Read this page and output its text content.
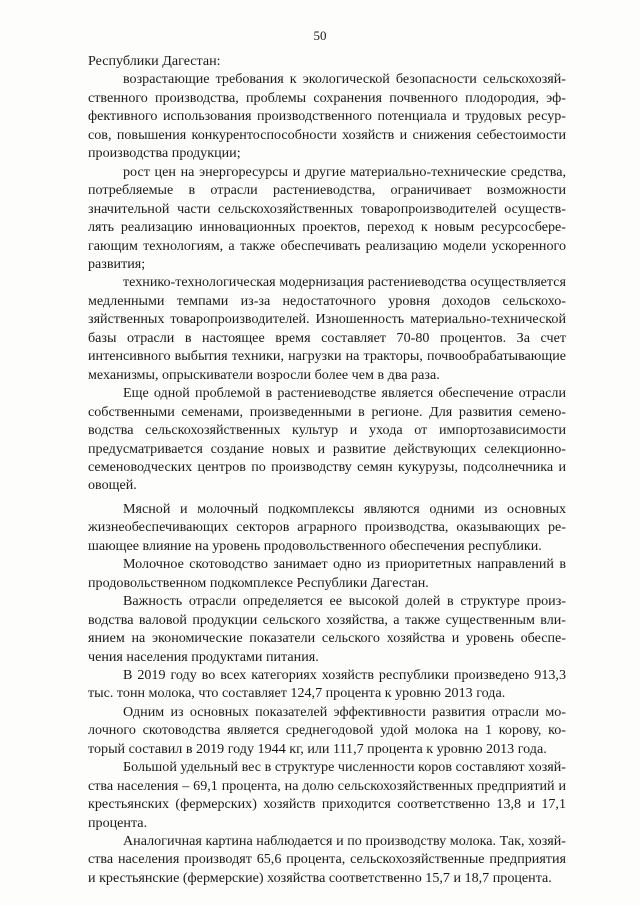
50

Республики Дагестан:

возрастающие требования к экологической безопасности сельскохозяйственного производства, проблемы сохранения почвенного плодородия, эффективного использования производственного потенциала и трудовых ресурсов, повышения конкурентоспособности хозяйств и снижения себестоимости производства продукции;

рост цен на энергоресурсы и другие материально-технические средства, потребляемые в отрасли растениеводства, ограничивает возможности значительной части сельскохозяйственных товаропроизводителей осуществлять реализацию инновационных проектов, переход к новым ресурсосберегающим технологиям, а также обеспечивать реализацию модели ускоренного развития;

технико-технологическая модернизация растениеводства осуществляется медленными темпами из-за недостаточного уровня доходов сельскохозяйственных товаропроизводителей. Изношенность материально-технической базы отрасли в настоящее время составляет 70-80 процентов. За счет интенсивного выбытия техники, нагрузки на тракторы, почвообрабатывающие механизмы, опрыскиватели возросли более чем в два раза.

Еще одной проблемой в растениеводстве является обеспечение отрасли собственными семенами, произведенными в регионе. Для развития семеноводства сельскохозяйственных культур и ухода от импортозависимости предусматривается создание новых и развитие действующих селекционно-семеноводческих центров по производству семян кукурузы, подсолнечника и овощей.

Мясной и молочный подкомплексы являются одними из основных жизнеобеспечивающих секторов аграрного производства, оказывающих решающее влияние на уровень продовольственного обеспечения республики.

Молочное скотоводство занимает одно из приоритетных направлений в продовольственном подкомплексе Республики Дагестан.

Важность отрасли определяется ее высокой долей в структуре производства валовой продукции сельского хозяйства, а также существенным влиянием на экономические показатели сельского хозяйства и уровень обеспечения населения продуктами питания.

В 2019 году во всех категориях хозяйств республики произведено 913,3 тыс. тонн молока, что составляет 124,7 процента к уровню 2013 года.

Одним из основных показателей эффективности развития отрасли молочного скотоводства является среднегодовой удой молока на 1 корову, который составил в 2019 году 1944 кг, или 111,7 процента к уровню 2013 года.

Большой удельный вес в структуре численности коров составляют хозяйства населения – 69,1 процента, на долю сельскохозяйственных предприятий и крестьянских (фермерских) хозяйств приходится соответственно 13,8 и 17,1 процента.

Аналогичная картина наблюдается и по производству молока. Так, хозяйства населения производят 65,6 процента, сельскохозяйственные предприятия и крестьянские (фермерские) хозяйства соответственно 15,7 и 18,7 процента.
